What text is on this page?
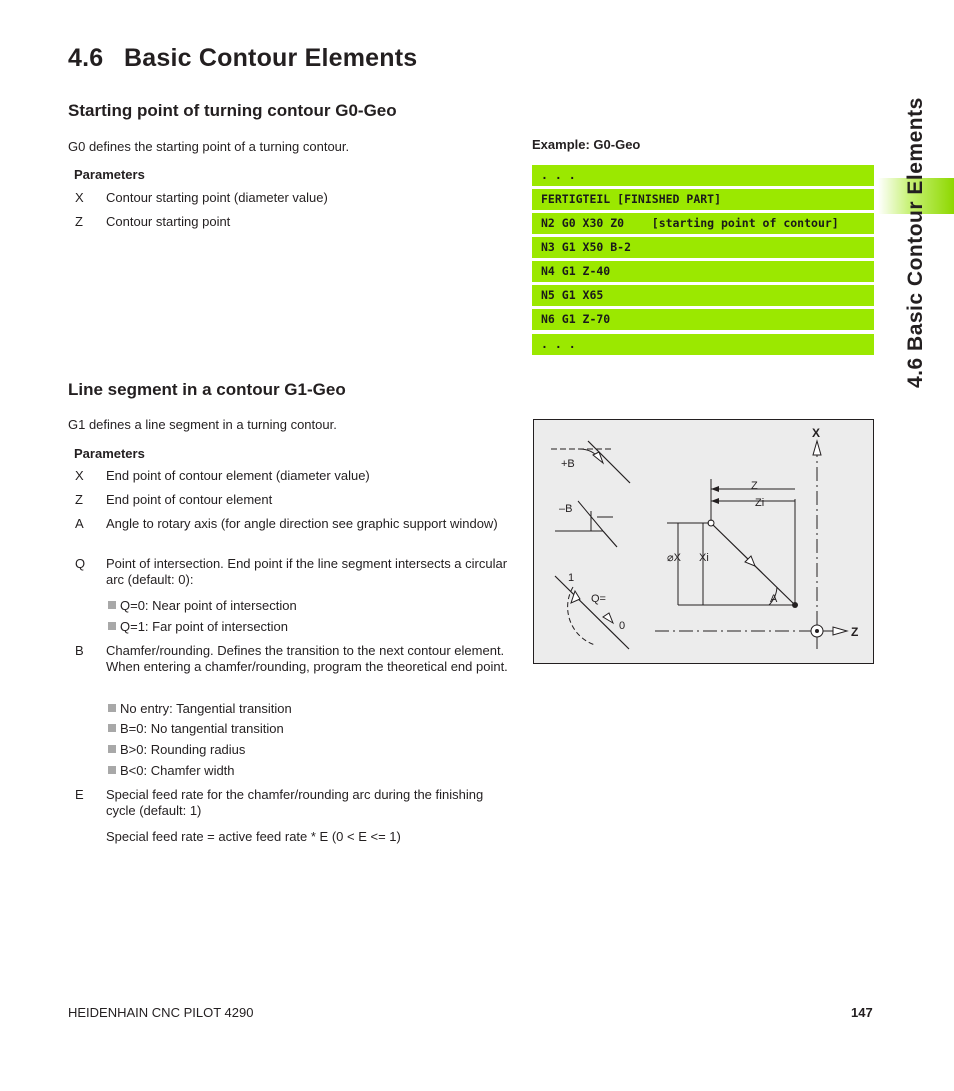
4.6 Basic Contour Elements
4.6 Basic Contour Elements
Starting point of turning contour G0-Geo
G0 defines the starting point of a turning contour.
Parameters
X Contour starting point (diameter value)
Z Contour starting point
Example: G0-Geo
. . .
FERTIGTEIL [FINISHED PART]
N2 G0 X30 Z0    [starting point of contour]
N3 G1 X50 B-2
N4 G1 Z-40
N5 G1 X65
N6 G1 Z-70
. . .
Line segment in a contour G1-Geo
G1 defines a line segment in a turning contour.
Parameters
X End point of contour element (diameter value)
Z End point of contour element
A Angle to rotary axis (for angle direction see graphic support window)
Q Point of intersection. End point if the line segment intersects a circular arc (default: 0):
Q=0: Near point of intersection
Q=1: Far point of intersection
B Chamfer/rounding. Defines the transition to the next contour element. When entering a chamfer/rounding, program the theoretical end point.
No entry: Tangential transition
B=0: No tangential transition
B>0: Rounding radius
B<0: Chamfer width
E Special feed rate for the chamfer/rounding arc during the finishing cycle (default: 1)
Special feed rate = active feed rate * E (0 < E <= 1)
X
Z
+B
–B
Z
Zi
⌀X Xi
A
1
0
Q=
HEIDENHAIN CNC PILOT 4290	147
